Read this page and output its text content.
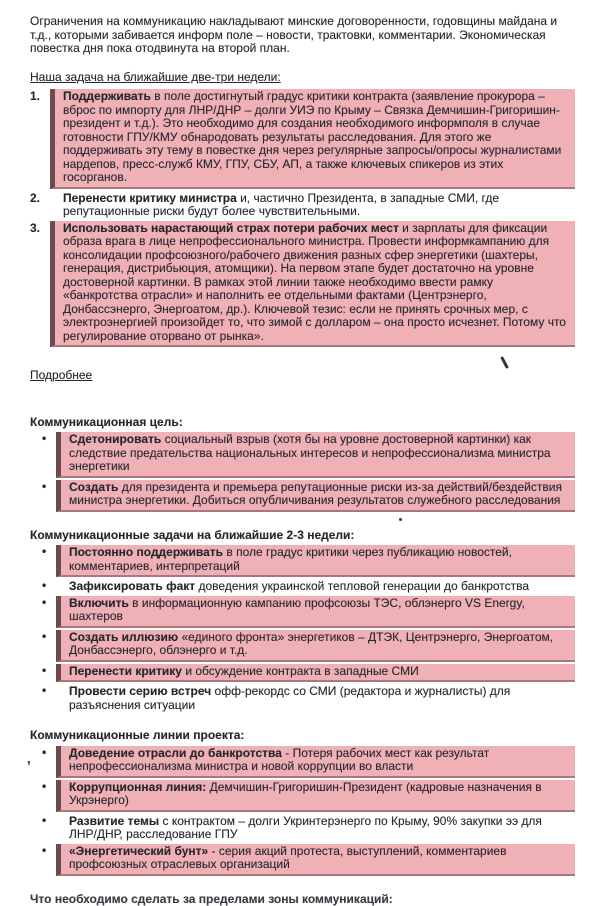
Ограничения на коммуникацию накладывают минские договоренности, годовщины майдана и т.д., которыми забивается информ поле – новости, трактовки, комментарии. Экономическая повестка дня пока отодвинута на второй план.

Наша задача на ближайшие две-три недели:
1.	Поддерживать в поле достигнутый градус критики контракта (заявление прокурора – вброс по импорту для ЛНР/ДНР – долги УИЭ по Крыму – Связка Демчишин-Григоришин-президент и т.д.). Это необходимо для создания необходимого информполя в случае готовности ГПУ/КМУ обнародовать результаты расследования. Для этого же поддерживать эту тему в повестке дня через регулярные запросы/опросы журналистами нардепов, пресс-служб КМУ, ГПУ, СБУ, АП, а также ключевых спикеров из этих госорганов.
2.	Перенести критику министра и, частично Президента, в западные СМИ, где репутационные риски будут более чувствительными.
3.	Использовать нарастающий страх потери рабочих мест и зарплаты для фиксации образа врага в лице непрофессионального министра. Провести информкампанию для консолидации профсоюзного/рабочего движения разных сфер энергетики (шахтеры, генерация, дистрибьюция, атомщики). На первом этапе будет достаточно на уровне достоверной картинки. В рамках этой линии также необходимо ввести рамку «банкротства отрасли» и наполнить ее отдельными фактами (Центрэнерго, Донбассэнерго, Энергоатом, др.). Ключевой тезис: если не принять срочных мер, с электроэнергией произойдет то, что зимой с долларом – она просто исчезнет. Потому что регулирование оторвано от рынка».
Подробнее
Коммуникационная цель:
•	Сдетонировать социальный взрыв (хотя бы на уровне достоверной картинки) как следствие предательства национальных интересов и непрофессионализма министра энергетики
•	Создать для президента и премьера репутационные риски из-за действий/бездействия министра энергетики. Добиться опубличивания результатов служебного расследования
Коммуникационные задачи на ближайшие 2-3 недели:
•	Постоянно поддерживать в поле градус критики через публикацию новостей, комментариев, интерпретаций
•	Зафиксировать факт доведения украинской тепловой генерации до банкротства
•	Включить в информационную кампанию профсоюзы ТЭС, облэнерго VS Energy, шахтеров
•	Создать иллюзию «единого фронта» энергетиков – ДТЭК, Центрэнерго, Энергоатом, Донбассэнерго, облэнерго и т.д.
•	Перенести критику и обсуждение контракта в западные СМИ
•	Провести серию встреч офф-рекордс со СМИ (редактора и журналисты) для разъяснения ситуации
Коммуникационные линии проекта:
•	Доведение отрасли до банкротства - Потеря рабочих мест как результат непрофессионализма министра и новой коррупции во власти
•	Коррупционная линия: Демчишин-Григоришин-Президент (кадровые назначения в Укрэнерго)
•	Развитие темы с контрактом – долги Укринтерэнерго по Крыму, 90% закупки ээ для ЛНР/ДНР, расследование ГПУ
•	«Энергетический бунт» - серия акций протеста, выступлений, комментариев профсоюзных отраслевых организаций

Что необходимо сделать за пределами зоны коммуникаций:

,
